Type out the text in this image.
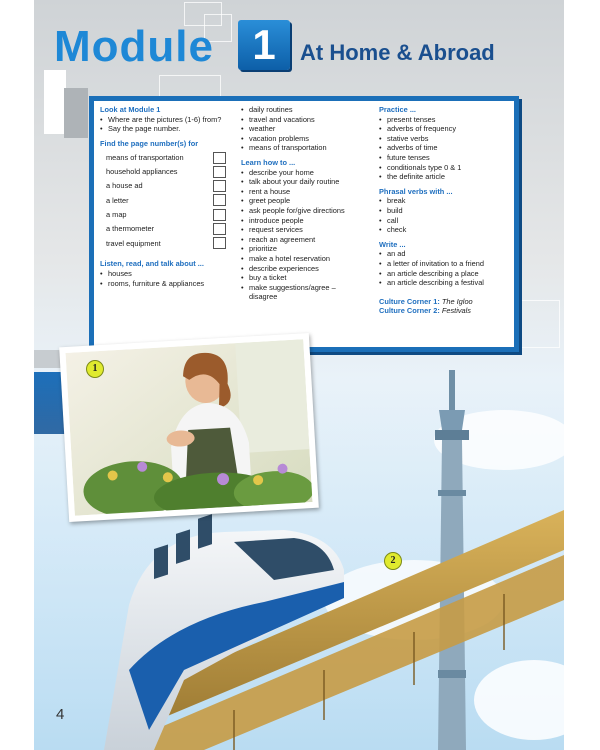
Module 1	At Home & Abroad
Look at Module 1
• Where are the pictures (1-6) from?
• Say the page number.
Find the page number(s) for
means of transportation
household appliances
a house ad
a letter
a map
a thermometer
travel equipment
Listen, read, and talk about ...
• houses
• rooms, furniture & appliances
• daily routines
• travel and vacations
• weather
• vacation problems
• means of transportation
Learn how to ...
• describe your home
• talk about your daily routine
• rent a house
• greet people
• ask people for/give directions
• introduce people
• request services
• reach an agreement
• prioritize
• make a hotel reservation
• describe experiences
• buy a ticket
• make suggestions/agree – disagree
Practice ...
• present tenses
• adverbs of frequency
• stative verbs
• adverbs of time
• future tenses
• conditionals type 0 & 1
• the definite article
Phrasal verbs with ...
• break
• build
• call
• check
Write ...
• an ad
• a letter of invitation to a friend
• an article describing a place
• an article describing a festival
Culture Corner 1: The Igloo
Culture Corner 2: Festivals
2
1
4
